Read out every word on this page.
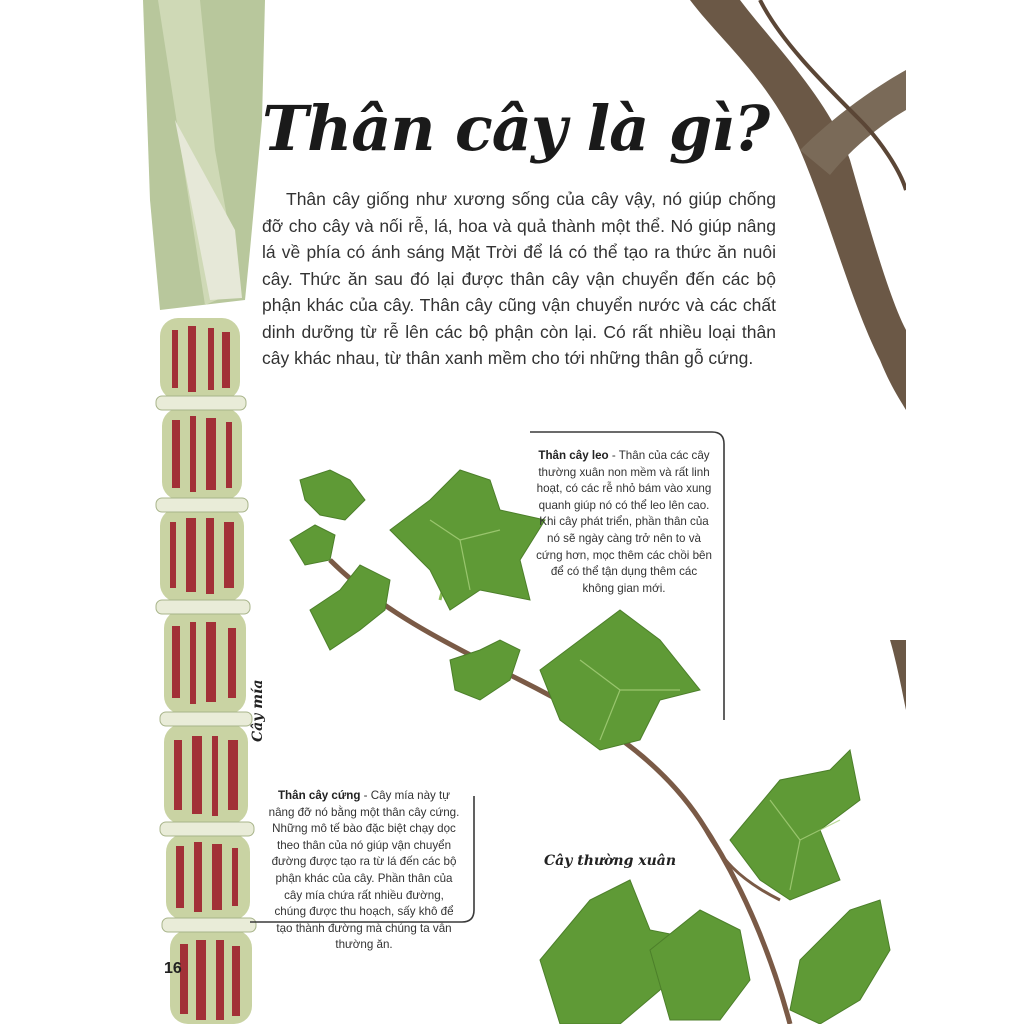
Thân cây là gì?

Thân cây giống như xương sống của cây vậy, nó giúp chống đỡ cho cây và nối rễ, lá, hoa và quả thành một thể. Nó giúp nâng lá về phía có ánh sáng Mặt Trời để lá có thể tạo ra thức ăn nuôi cây. Thức ăn sau đó lại được thân cây vận chuyển đến các bộ phận khác của cây. Thân cây cũng vận chuyển nước và các chất dinh dưỡng từ rễ lên các bộ phận còn lại. Có rất nhiều loại thân cây khác nhau, từ thân xanh mềm cho tới những thân gỗ cứng.

Thân cây leo - Thân của các cây thường xuân non mềm và rất linh hoạt, có các rễ nhỏ bám vào xung quanh giúp nó có thể leo lên cao. Khi cây phát triển, phần thân của nó sẽ ngày càng trở nên to và cứng hơn, mọc thêm các chồi bên để có thể tận dụng thêm các không gian mới.
Thân cây cứng - Cây mía này tự nâng đỡ nó bằng một thân cây cứng. Những mô tế bào đặc biệt chạy dọc theo thân của nó giúp vận chuyển đường được tạo ra từ lá đến các bộ phận khác của cây. Phần thân của cây mía chứa rất nhiều đường, chúng được thu hoạch, sấy khô để tạo thành đường mà chúng ta vẫn thường ăn.
Cây mía
Cây thường xuân
16
